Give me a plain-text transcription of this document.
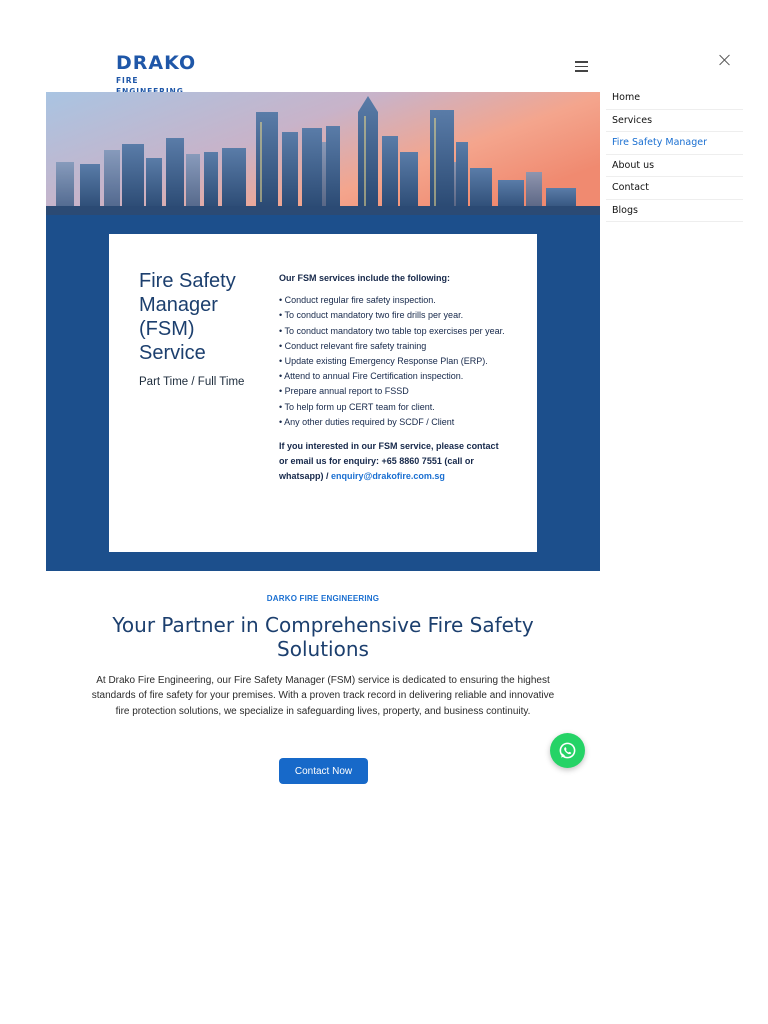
DRAKO
FIRE
Fire Safety Manager (FSM) Service
Part Time / Full Time
Our FSM services include the following:
• Conduct regular fire safety inspection.
• To conduct mandatory two fire drills per year.
• To conduct mandatory two table top exercises per year.
• Conduct relevant fire safety training
• Update existing Emergency Response Plan (ERP).
• Attend to annual Fire Certification inspection.
• Prepare annual report to FSSD
• To help form up CERT team for client.
• Any other duties required by SCDF / Client
If you interested in our FSM service, please contact or email us for enquiry: +65 8860 7551 (call or whatsapp) / enquiry@drakofire.com.sg
DARKO FIRE ENGINEERING
Your Partner in Comprehensive Fire Safety Solutions

At Drako Fire Engineering, our Fire Safety Manager (FSM) service is dedicated to ensuring the highest standards of fire safety for your premises. With a proven track record in delivering reliable and innovative fire protection solutions, we specialize in safeguarding lives, property, and business continuity.

Contact Now
Home
Services
Fire Safety Manager
About us
Contact
Blogs
